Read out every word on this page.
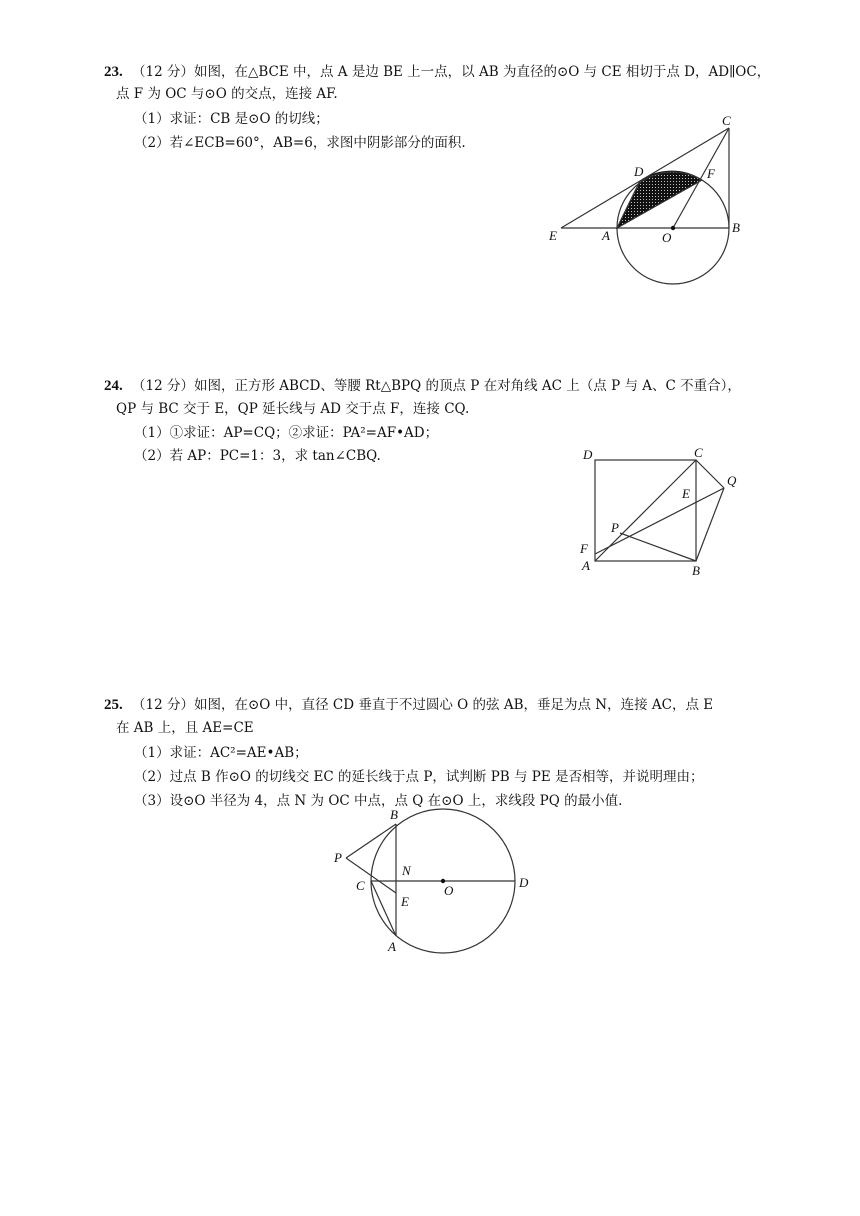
23. （12 分）如图，在△BCE 中，点 A 是边 BE 上一点，以 AB 为直径的⊙O 与 CE 相切于点 D，AD∥OC，
点 F 为 OC 与⊙O 的交点，连接 AF.
（1）求证：CB 是⊙O 的切线；
（2）若∠ECB=60°，AB=6，求图中阴影部分的面积.
C
D	F
E	A	O
B
24. （12 分）如图，正方形 ABCD、等腰 Rt△BPQ 的顶点 P 在对角线 AC 上（点 P 与 A、C 不重合），
QP 与 BC 交于 E，QP 延长线与 AD 交于点 F，连接 CQ.
（1）①求证：AP=CQ；②求证：PA²=AF•AD；
（2）若 AP：PC=1：3，求 tan∠CBQ.	D	C
Q
E
P
F
A	B
25. （12 分）如图，在⊙O 中，直径 CD 垂直于不过圆心 O 的弦 AB，垂足为点 N，连接 AC，点 E
在 AB 上，且 AE=CE
（1）求证：AC²=AE•AB；
（2）过点 B 作⊙O 的切线交 EC 的延长线于点 P，试判断 PB 与 PE 是否相等，并说明理由；
（3）设⊙O 半径为 4，点 N 为 OC 中点，点 Q 在⊙O 上，求线段 PQ 的最小值.
B
P
N
C	O
D
E
A
